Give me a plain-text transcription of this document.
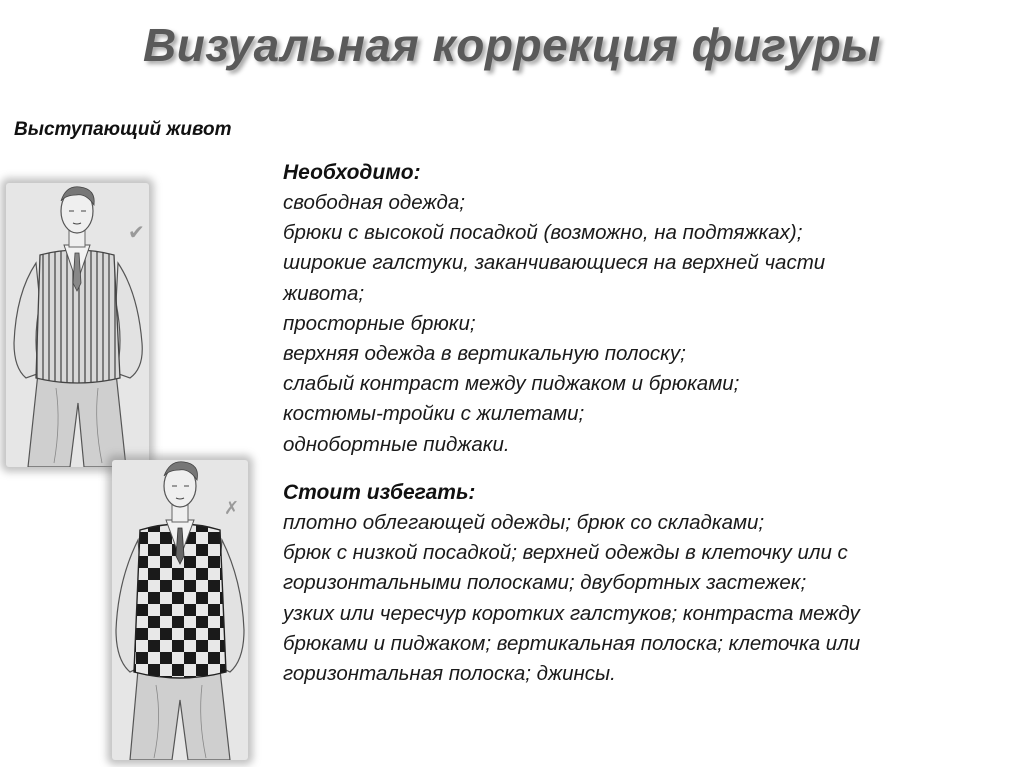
Визуальная коррекция фигуры
Выступающий живот
Необходимо:
свободная одежда;
брюки с высокой посадкой (возможно, на подтяжках);
широкие галстуки, заканчивающиеся на верхней части
живота;
просторные брюки;
верхняя одежда в вертикальную полоску;
слабый контраст между пиджаком и брюками;
костюмы-тройки с жилетами;
однобортные пиджаки.
Стоит избегать:
плотно облегающей одежды; брюк со складками;
брюк с низкой посадкой; верхней одежды в клеточку или с
горизонтальными полосками; двубортных застежек;
узких или чересчур коротких галстуков; контраста между
брюками и пиджаком; вертикальная полоска; клеточка или
горизонтальная полоска; джинсы.
✔
✗
